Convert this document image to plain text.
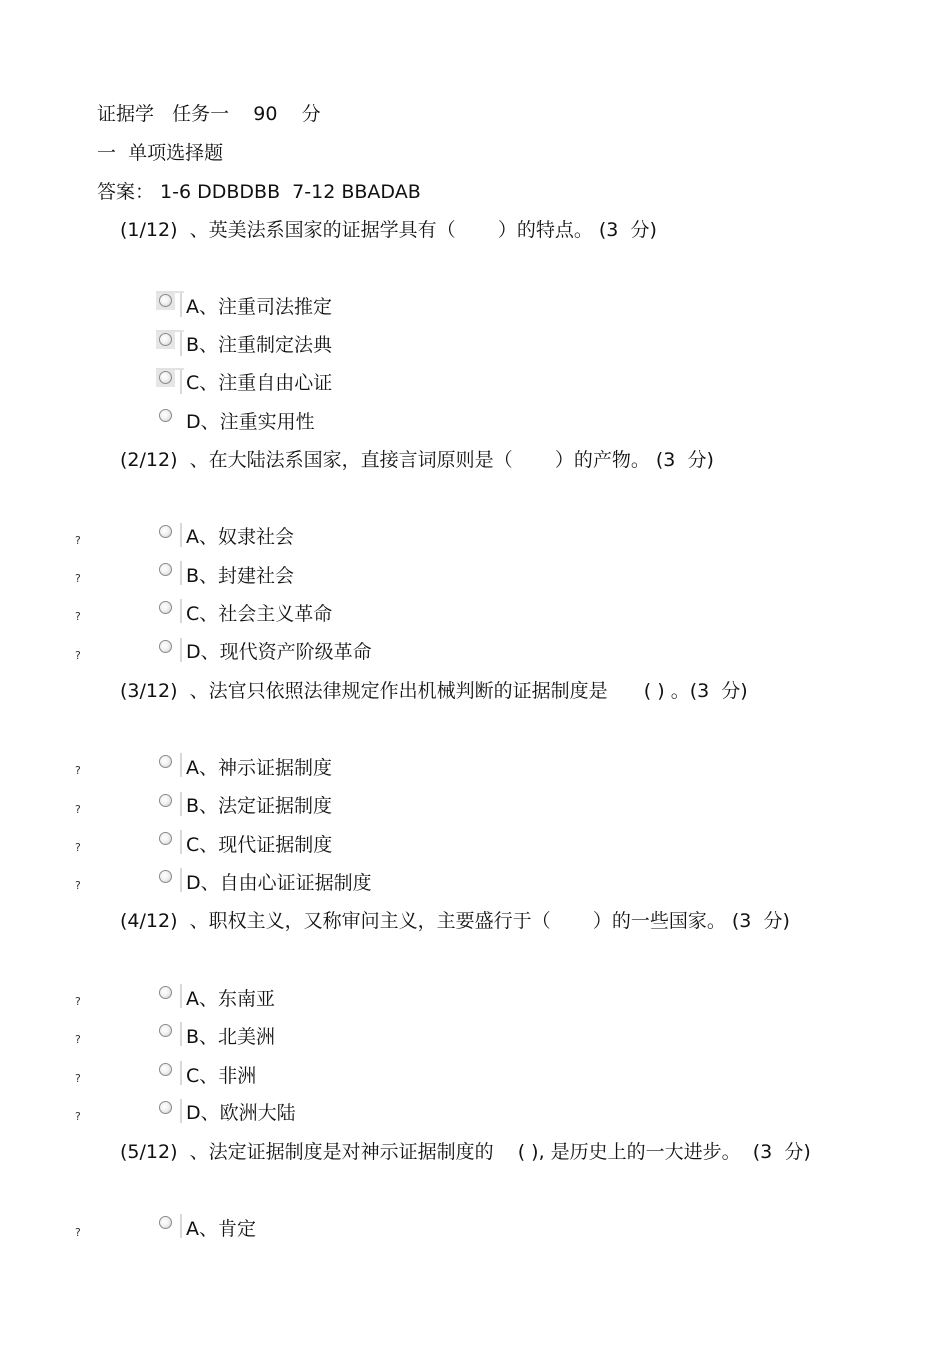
证据学   任务一    90    分
一  单项选择题
答案： 1-6 DDBDBB  7-12 BBADAB
(1/12)  、英美法系国家的证据学具有（       ）的特点。 (3  分)
A、注重司法推定
B、注重制定法典
C、注重自由心证
D、注重实用性
(2/12)  、在大陆法系国家，直接言词原则是（       ）的产物。 (3  分)
?	A、奴隶社会
?	B、封建社会
?	C、社会主义革命
?	D、现代资产阶级革命
(3/12)  、法官只依照法律规定作出机械判断的证据制度是      ( ) 。(3  分)
?	A、神示证据制度
?	B、法定证据制度
?	C、现代证据制度
?	D、自由心证证据制度
(4/12)  、职权主义，又称审问主义，主要盛行于（       ）的一些国家。 (3  分)
?	A、东南亚
?	B、北美洲
?	C、非洲
?	D、欧洲大陆
(5/12)  、法定证据制度是对神示证据制度的    ( ), 是历史上的一大进步。  (3  分)
?	A、肯定
